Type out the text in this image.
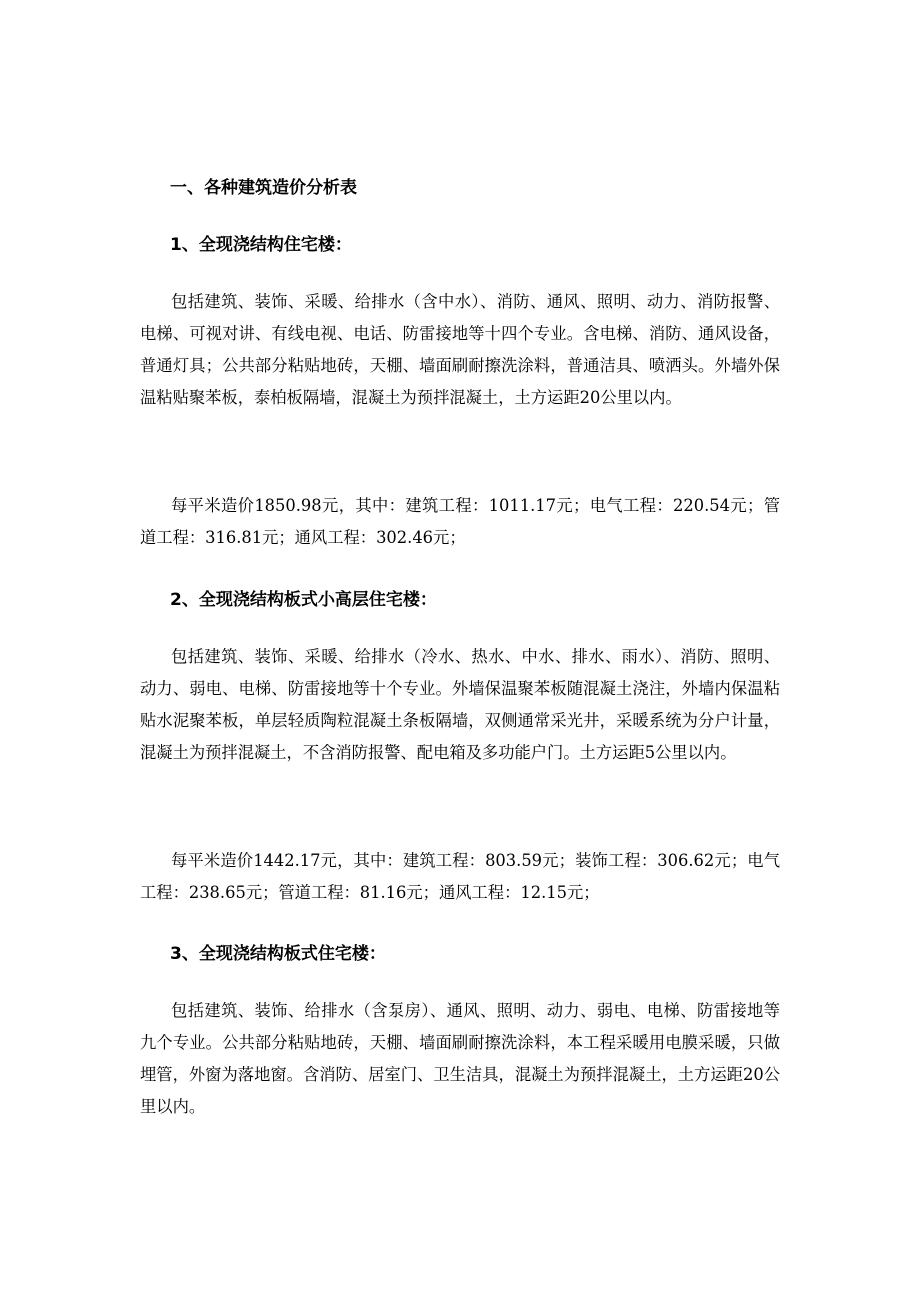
一、各种建筑造价分析表
1、全现浇结构住宅楼：

包括建筑、装饰、采暖、给排水（含中水）、消防、通风、照明、动力、消防报警、电梯、可视对讲、有线电视、电话、防雷接地等十四个专业。含电梯、消防、通风设备，普通灯具；公共部分粘贴地砖，天棚、墙面刷耐擦洗涂料，普通洁具、喷洒头。外墙外保温粘贴聚苯板，泰柏板隔墙，混凝土为预拌混凝土，土方运距20公里以内。

每平米造价1850.98元，其中：建筑工程：1011.17元；电气工程：220.54元；管道工程：316.81元；通风工程：302.46元；

2、全现浇结构板式小高层住宅楼：

包括建筑、装饰、采暖、给排水（冷水、热水、中水、排水、雨水）、消防、照明、动力、弱电、电梯、防雷接地等十个专业。外墙保温聚苯板随混凝土浇注，外墙内保温粘贴水泥聚苯板，单层轻质陶粒混凝土条板隔墙，双侧通常采光井，采暖系统为分户计量，混凝土为预拌混凝土，不含消防报警、配电箱及多功能户门。土方运距5公里以内。

每平米造价1442.17元，其中：建筑工程：803.59元；装饰工程：306.62元；电气工程：238.65元；管道工程：81.16元；通风工程：12.15元；

3、全现浇结构板式住宅楼：

包括建筑、装饰、给排水（含泵房）、通风、照明、动力、弱电、电梯、防雷接地等九个专业。公共部分粘贴地砖，天棚、墙面刷耐擦洗涂料，本工程采暖用电膜采暖，只做埋管，外窗为落地窗。含消防、居室门、卫生洁具，混凝土为预拌混凝土，土方运距20公里以内。
